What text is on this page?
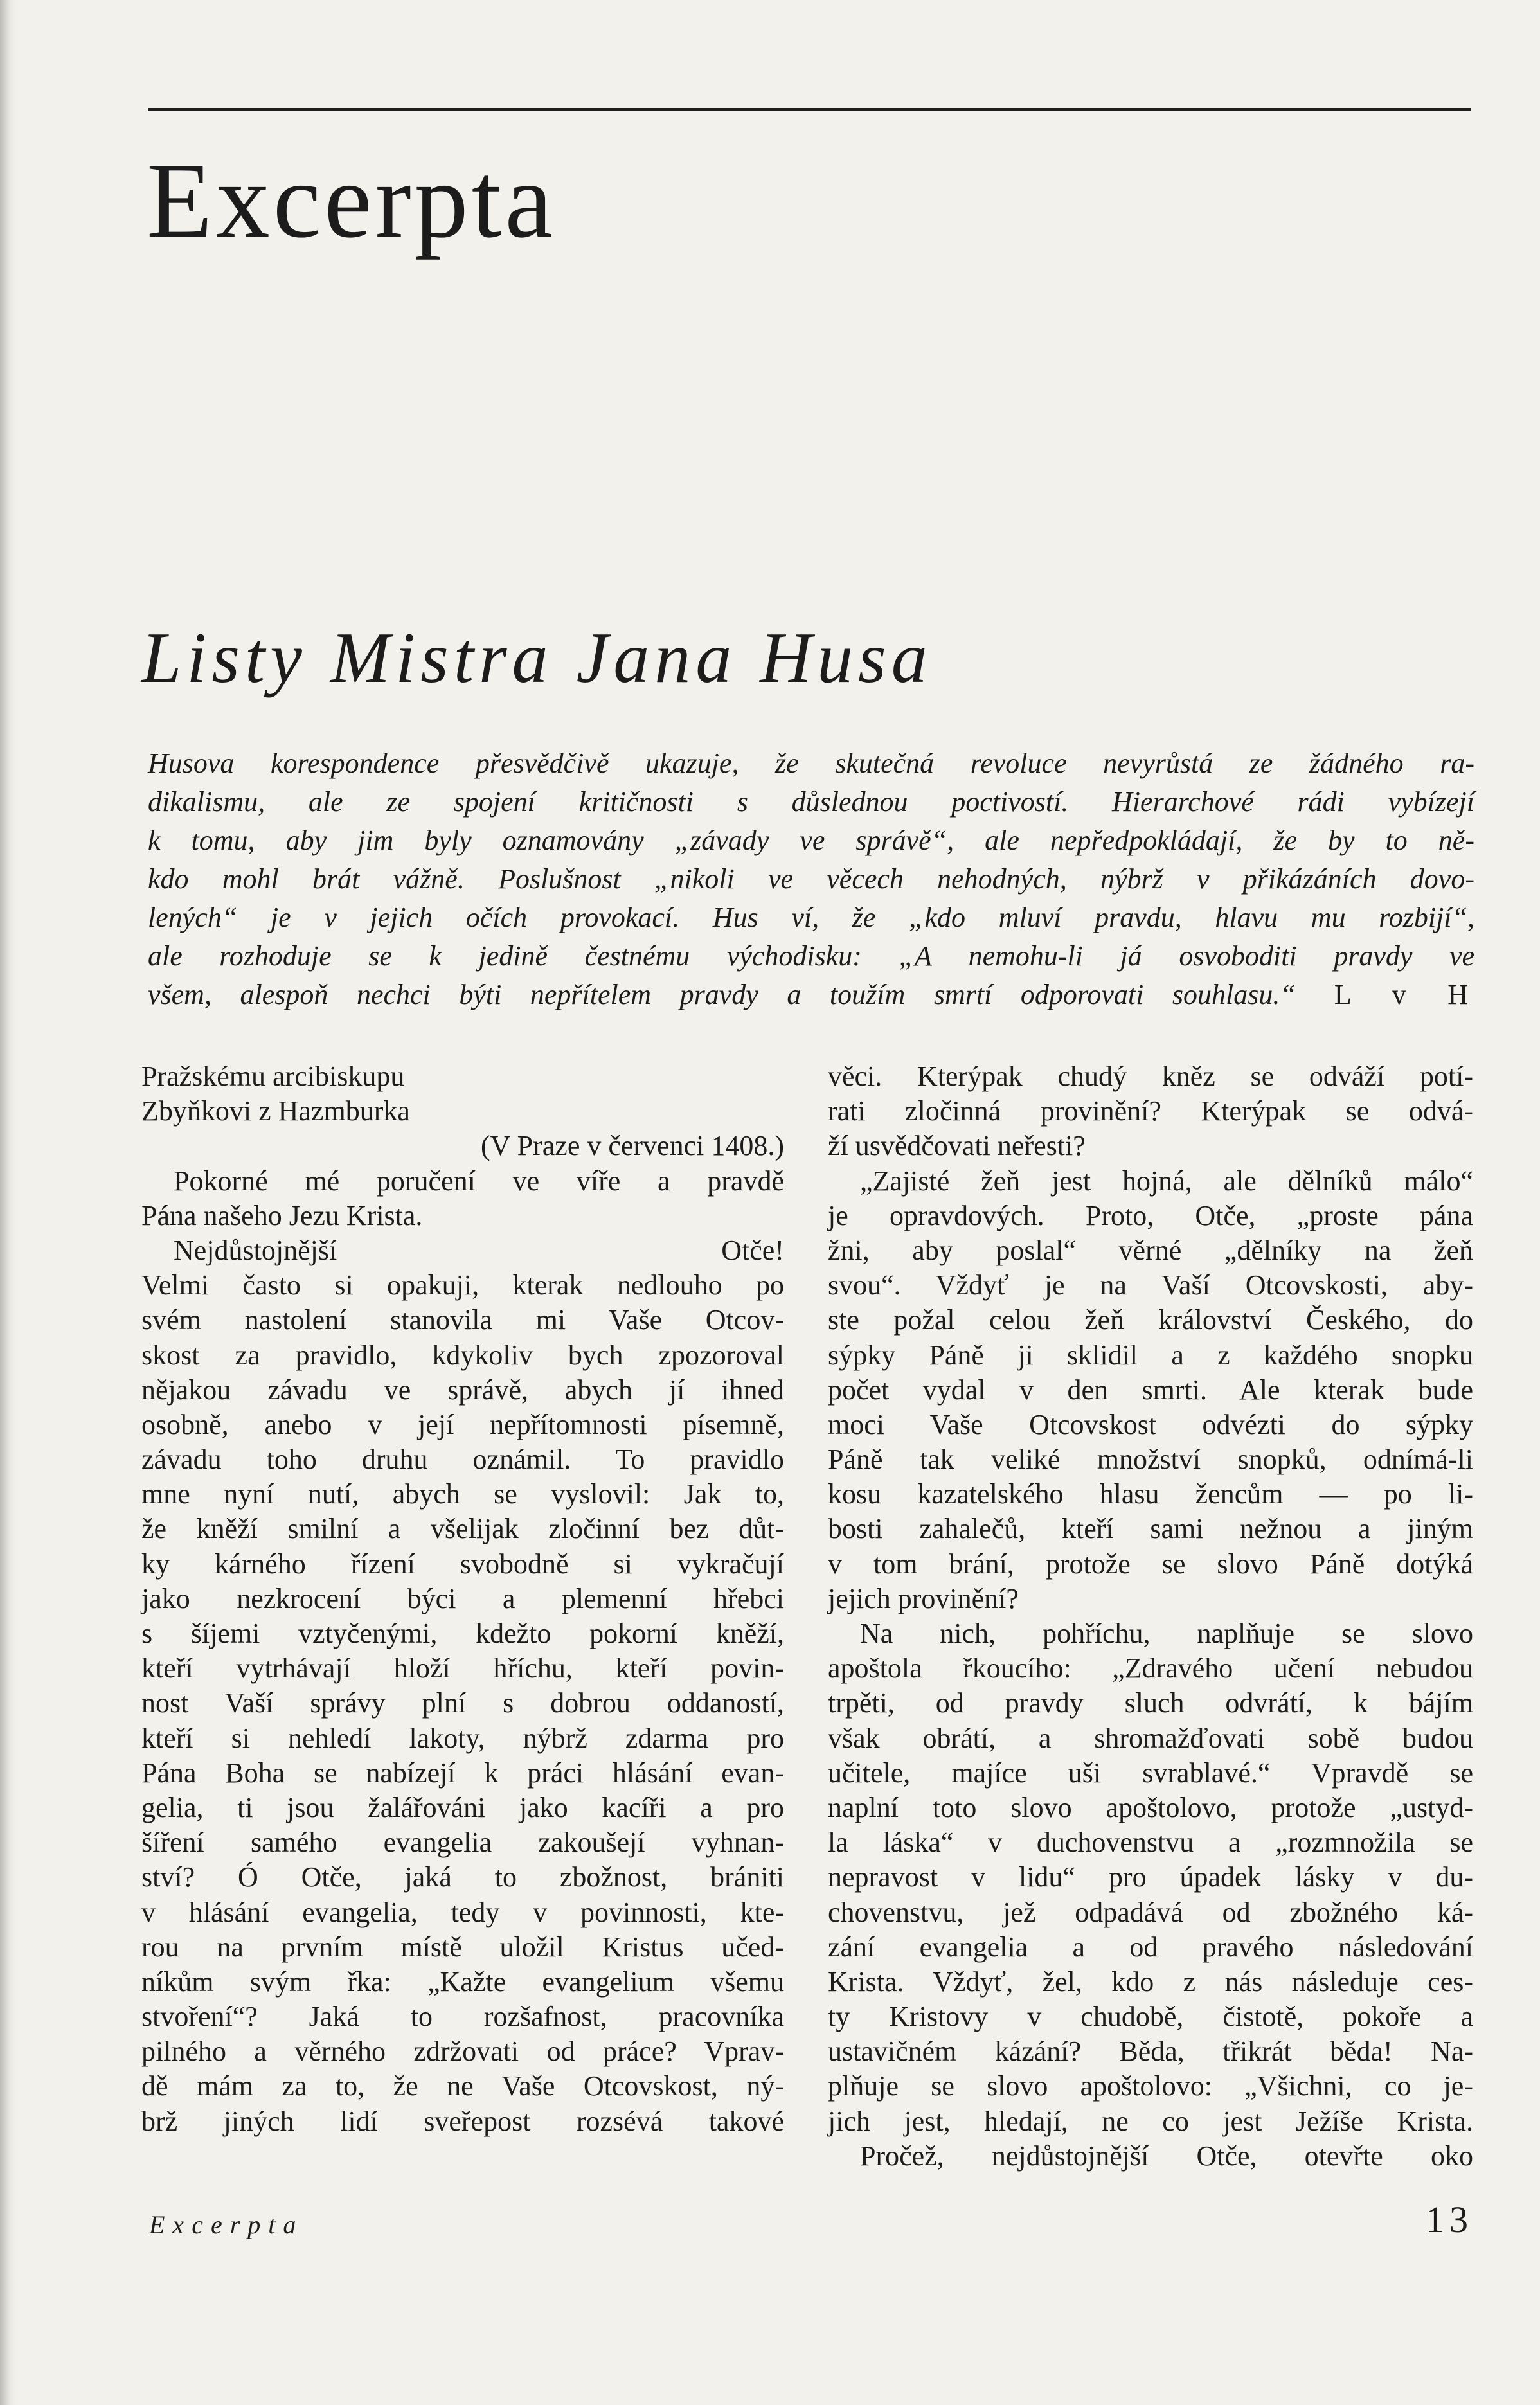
Excerpta
Listy Mistra Jana Husa
Husova korespondence přesvědčivě ukazuje, že skutečná revoluce nevyrůstá ze žádného ra-
dikalismu, ale ze spojení kritičnosti s důslednou poctivostí. Hierarchové rádi vybízejí
k tomu, aby jim byly oznamovány „závady ve správě“, ale nepředpokládají, že by to ně-
kdo mohl brát vážně. Poslušnost „nikoli ve věcech nehodných, nýbrž v přikázáních dovo-
lených“ je v jejich očích provokací. Hus ví, že „kdo mluví pravdu, hlavu mu rozbijí“,
ale rozhoduje se k jedině čestnému východisku: „A nemohu-li já osvoboditi pravdy ve
všem, alespoň nechci býti nepřítelem pravdy a toužím smrtí odporovati souhlasu.“ L v H
Pražskému arcibiskupu
Zbyňkovi z Hazmburka
(V Praze v červenci 1408.)
Pokorné mé poručení ve víře a pravdě
Pána našeho Jezu Krista.
Nejdůstojnější Otče!
Velmi často si opakuji, kterak nedlouho po
svém nastolení stanovila mi Vaše Otcov-
skost za pravidlo, kdykoliv bych zpozoroval
nějakou závadu ve správě, abych jí ihned
osobně, anebo v její nepřítomnosti písemně,
závadu toho druhu oznámil. To pravidlo
mne nyní nutí, abych se vyslovil: Jak to,
že kněží smilní a všelijak zločinní bez důt-
ky kárného řízení svobodně si vykračují
jako nezkrocení býci a plemenní hřebci
s šíjemi vztyčenými, kdežto pokorní kněží,
kteří vytrhávají hloží hříchu, kteří povin-
nost Vaší správy plní s dobrou oddaností,
kteří si nehledí lakoty, nýbrž zdarma pro
Pána Boha se nabízejí k práci hlásání evan-
gelia, ti jsou žalářováni jako kacíři a pro
šíření samého evangelia zakoušejí vyhnan-
ství? Ó Otče, jaká to zbožnost, brániti
v hlásání evangelia, tedy v povinnosti, kte-
rou na prvním místě uložil Kristus učed-
níkům svým řka: „Kažte evangelium všemu
stvoření“? Jaká to rozšafnost, pracovníka
pilného a věrného zdržovati od práce? Vprav-
dě mám za to, že ne Vaše Otcovskost, ný-
brž jiných lidí sveřepost rozsévá takové
věci. Kterýpak chudý kněz se odváží potí-
rati zločinná provinění? Kterýpak se odvá-
ží usvědčovati neřesti?
„Zajisté žeň jest hojná, ale dělníků málo“
je opravdových. Proto, Otče, „proste pána
žni, aby poslal“ věrné „dělníky na žeň
svou“. Vždyť je na Vaší Otcovskosti, aby-
ste požal celou žeň království Českého, do
sýpky Páně ji sklidil a z každého snopku
počet vydal v den smrti. Ale kterak bude
moci Vaše Otcovskost odvézti do sýpky
Páně tak veliké množství snopků, odnímá-li
kosu kazatelského hlasu žencům — po li-
bosti zahalečů, kteří sami nežnou a jiným
v tom brání, protože se slovo Páně dotýká
jejich provinění?
Na nich, pohříchu, naplňuje se slovo
apoštola řkoucího: „Zdravého učení nebudou
trpěti, od pravdy sluch odvrátí, k bájím
však obrátí, a shromažďovati sobě budou
učitele, majíce uši svrablavé.“ Vpravdě se
naplní toto slovo apoštolovo, protože „ustyd-
la láska“ v duchovenstvu a „rozmnožila se
nepravost v lidu“ pro úpadek lásky v du-
chovenstvu, jež odpadává od zbožného ká-
zání evangelia a od pravého následování
Krista. Vždyť, žel, kdo z nás následuje ces-
ty Kristovy v chudobě, čistotě, pokoře a
ustavičném kázání? Běda, třikrát běda! Na-
plňuje se slovo apoštolovo: „Všichni, co je-
jich jest, hledají, ne co jest Ježíše Krista.
Pročež, nejdůstojnější Otče, otevřte oko
Excerpta	13
